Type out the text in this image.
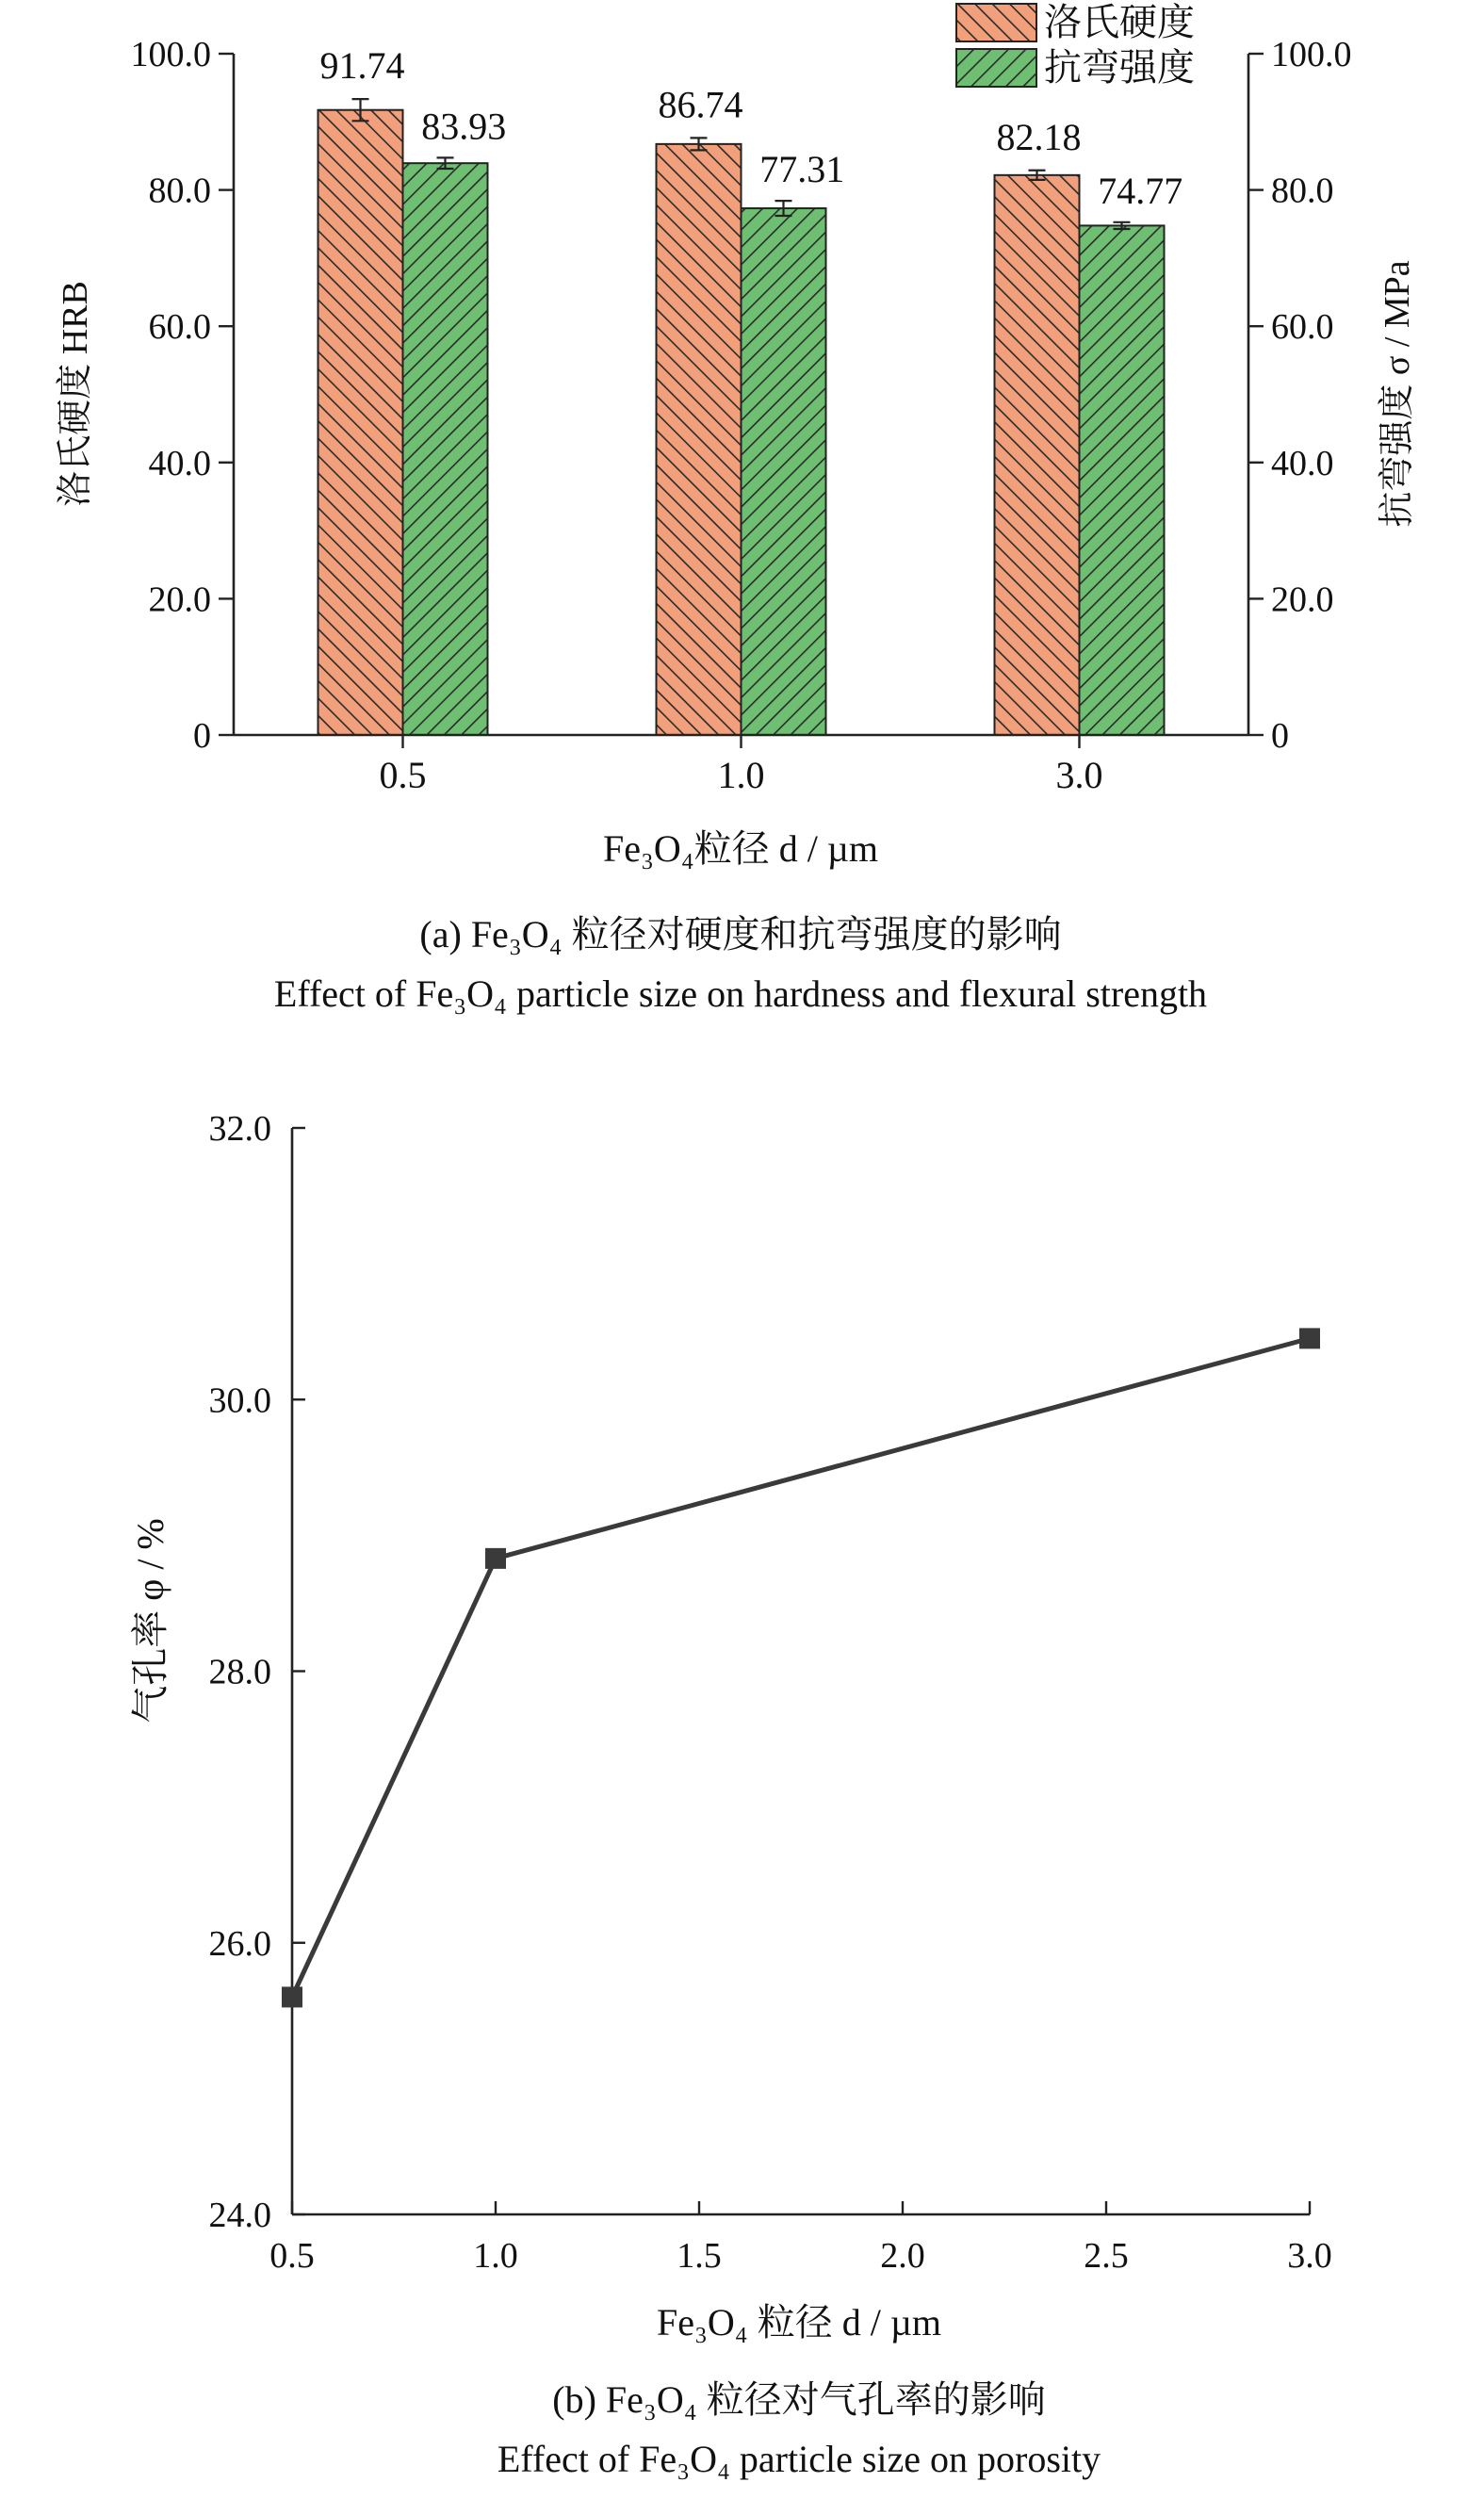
91.74
86.74
82.18
83.93
77.31
74.77
0
20.0
40.0
60.0
80.0
100.0
0
20.0
40.0
60.0
80.0
100.0
0.5	1.0	3.0
洛氏硬度 HRB	抗弯强度 σ / MPa
Fe₃O₄粒径 d / µm
洛氏硬度
抗弯强度
(a) Fe₃O₄ 粒径对硬度和抗弯强度的影响
Effect of Fe₃O₄ particle size on hardness and flexural strength
24.0
26.0
28.0
30.0
32.0
0.5	1.0	1.5	2.0	2.5	3.0
气孔率 φ / %
Fe₃O₄ 粒径 d / µm
(b) Fe₃O₄ 粒径对气孔率的影响
Effect of Fe₃O₄ particle size on porosity
